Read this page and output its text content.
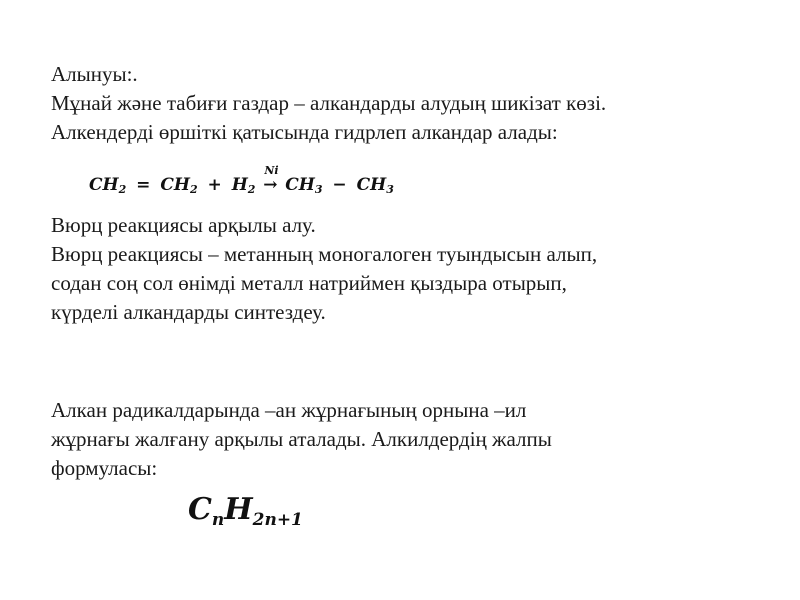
Алынуы:.
Мұнай және табиғи газдар – алкандарды алудың шикізат көзі.
Алкендерді өршіткі қатысында гидрлеп алкандар алады:
$CH_2 = CH_2 + H_2$
Ni
→ $CH_3 - CH_3$
Вюрц реакциясы арқылы алу.
Вюрц реакциясы – метанның моногалоген туындысын алып,
содан соң сол өнімді металл натриймен қыздыра отырып,
күрделі алкандарды синтездеу.
Алкан радикалдарында –ан жұрнағының орнына –ил
жұрнағы жалғану арқылы аталады. Алкилдердің жалпы
формуласы:
$C_nH_{2n+1}$
